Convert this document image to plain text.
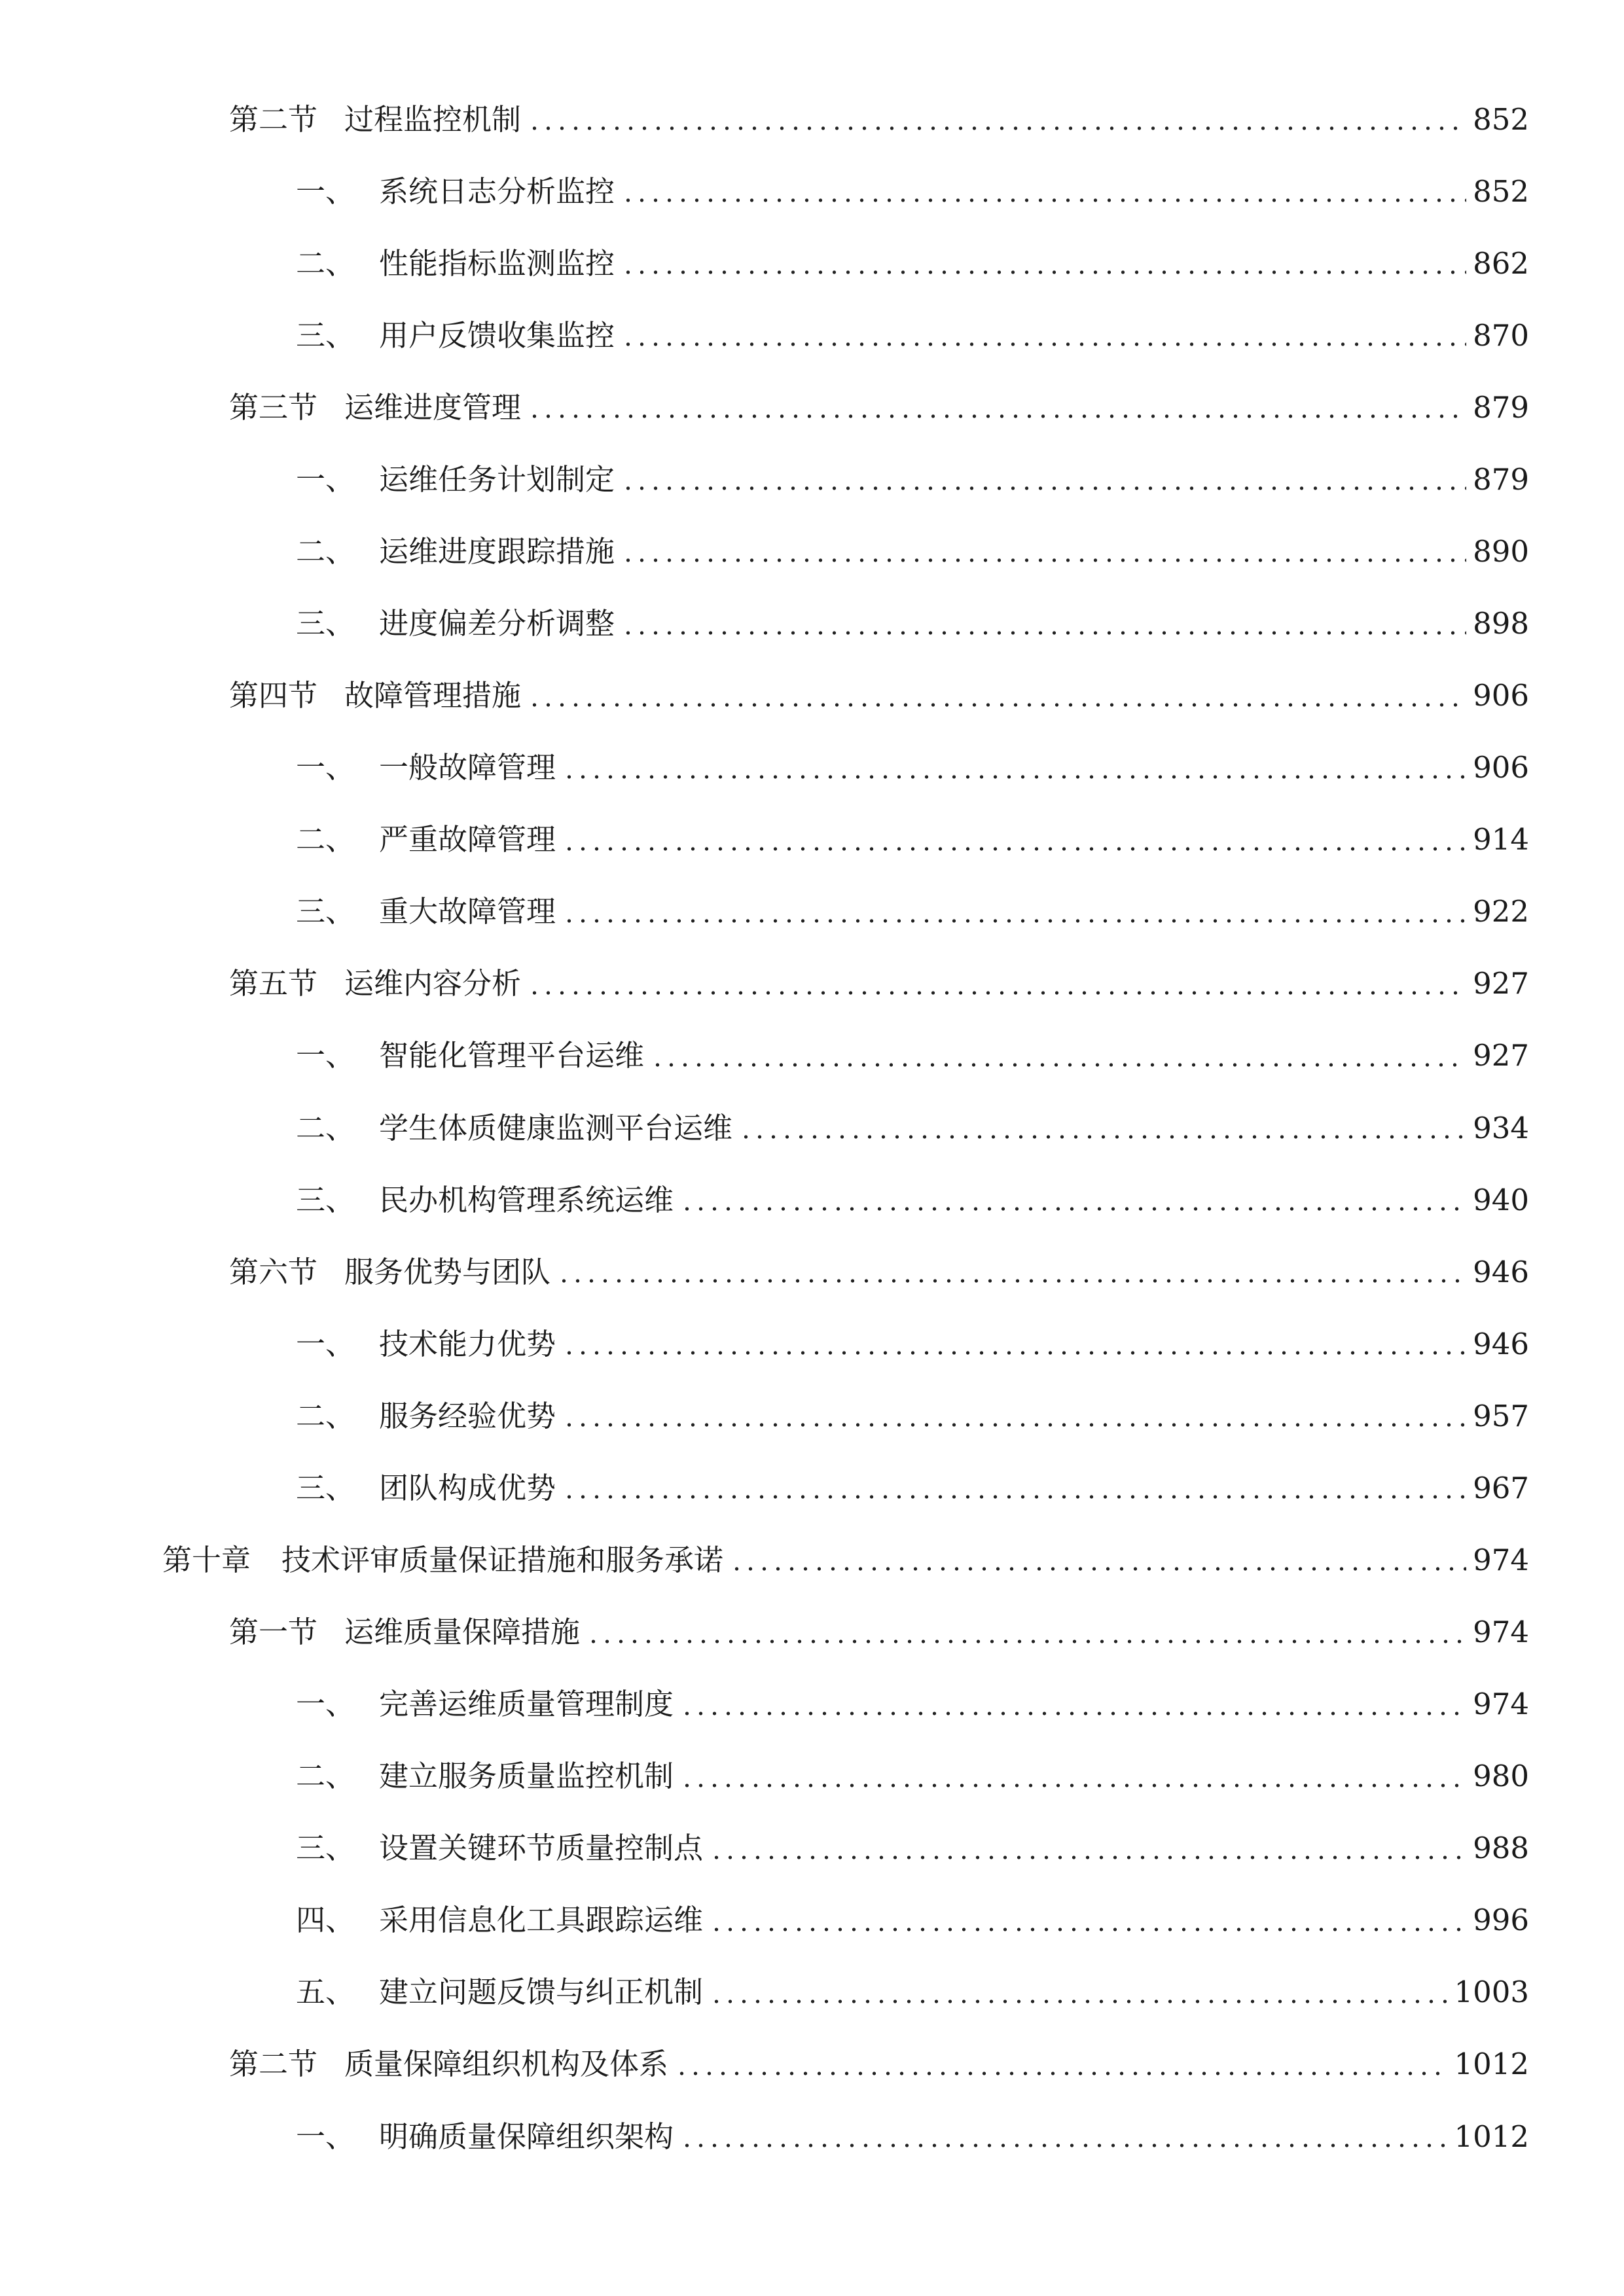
第二节 过程监控机制	852
一、 系统日志分析监控	852
二、 性能指标监测监控	862
三、 用户反馈收集监控	870
第三节 运维进度管理	879
一、 运维任务计划制定	879
二、 运维进度跟踪措施	890
三、 进度偏差分析调整	898
第四节 故障管理措施	906
一、 一般故障管理	906
二、 严重故障管理	914
三、 重大故障管理	922
第五节 运维内容分析	927
一、 智能化管理平台运维	927
二、 学生体质健康监测平台运维	934
三、 民办机构管理系统运维	940
第六节 服务优势与团队	946
一、 技术能力优势	946
二、 服务经验优势	957
三、 团队构成优势	967
第十章	技术评审质量保证措施和服务承诺	974
第一节 运维质量保障措施	974
一、 完善运维质量管理制度	974
二、 建立服务质量监控机制	980
三、 设置关键环节质量控制点	988
四、 采用信息化工具跟踪运维	996
五、 建立问题反馈与纠正机制	1003
第二节 质量保障组织机构及体系	1012
一、 明确质量保障组织架构	1012
